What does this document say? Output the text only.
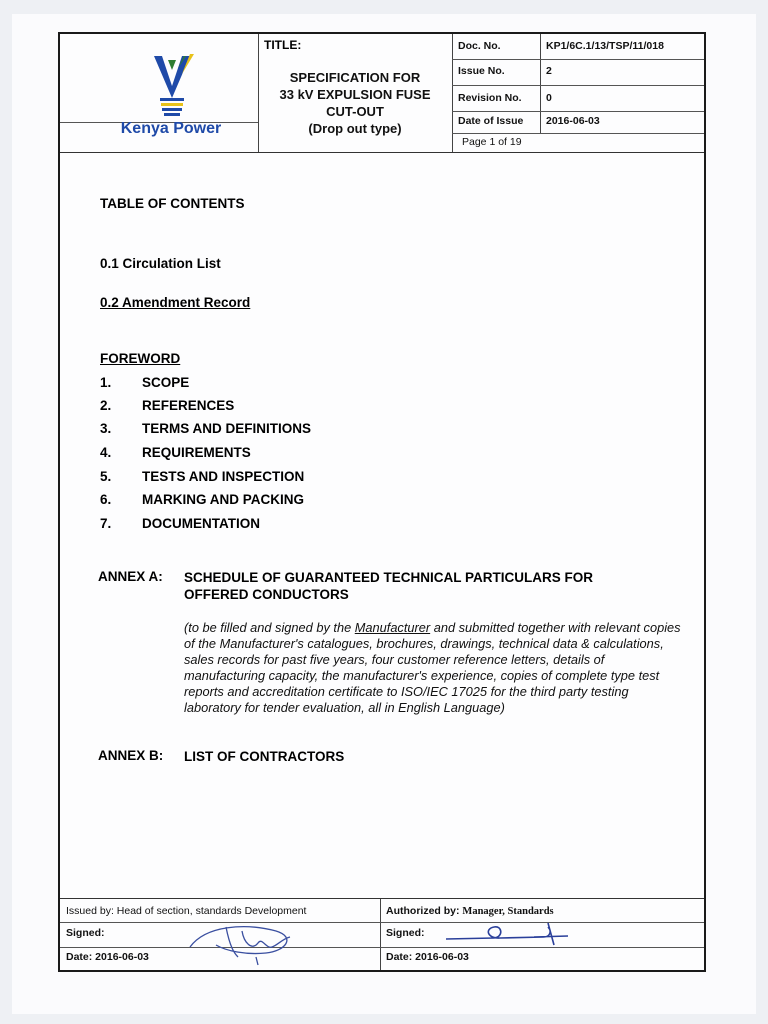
Kenya Power
TITLE:
SPECIFICATION FOR
33 kV EXPULSION FUSE
CUT-OUT
(Drop out type)
Doc. No.	KP1/6C.1/13/TSP/11/018
Issue No.	2
Revision No. 0
Date of Issue 2016-06-03
Page 1 of 19
TABLE OF CONTENTS
0.1 Circulation List
0.2 Amendment Record
FOREWORD
1. SCOPE
2. REFERENCES
3. TERMS AND DEFINITIONS
4. REQUIREMENTS
5. TESTS AND INSPECTION
6. MARKING AND PACKING
7. DOCUMENTATION
ANNEX A: SCHEDULE OF GUARANTEED TECHNICAL PARTICULARS FOR
OFFERED CONDUCTORS
(to be filled and signed by the Manufacturer and submitted together with relevant copies of the Manufacturer's catalogues, brochures, drawings, technical data & calculations, sales records for past five years, four customer reference letters, details of manufacturing capacity, the manufacturer's experience, copies of complete type test reports and accreditation certificate to ISO/IEC 17025 for the third party testing laboratory for tender evaluation, all in English Language)
ANNEX B: LIST OF CONTRACTORS
Issued by: Head of section, standards Development	Authorized by: Manager, Standards
Signed:	Signed:
Date: 2016-06-03	Date: 2016-06-03
